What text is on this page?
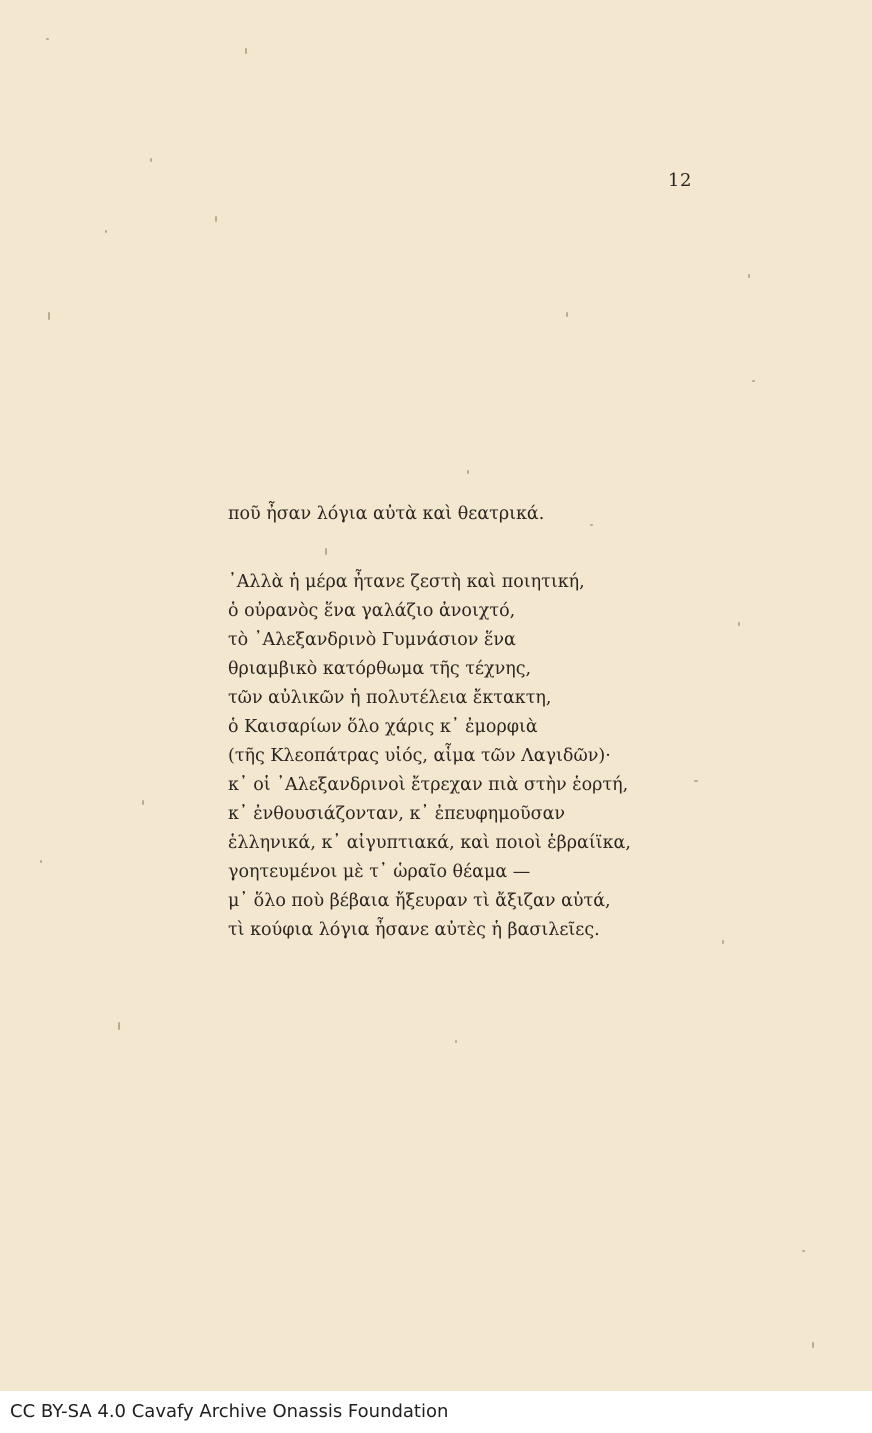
12
ποῦ ἦσαν λόγια αὐτὰ καὶ θεατρικά.
᾽Αλλὰ ἡ μέρα ἦτανε ζεστὴ καὶ ποιητική,
ὁ οὐρανὸς ἕνα γαλάζιο ἀνοιχτό,
τὸ ᾽Αλεξανδρινὸ Γυμνάσιον ἕνα
θριαμβικὸ κατόρθωμα τῆς τέχνης,
τῶν αὐλικῶν ἡ πολυτέλεια ἔκτακτη,
ὁ Καισαρίων ὅλο χάρις κ᾽ ἐμορφιὰ
(τῆς Κλεοπάτρας υἱός, αἷμα τῶν Λαγιδῶν)·
κ᾽ οἱ ᾽Αλεξανδρινοὶ ἔτρεχαν πιὰ στὴν ἑορτή,
κ᾽ ἐνθουσιάζονταν, κ᾽ ἐπευφημοῦσαν
ἑλληνικά, κ᾽ αἰγυπτιακά, καὶ ποιοὶ ἑβραίϊκα,
γοητευμένοι μὲ τ᾽ ὡραῖο θέαμα —
μ᾽ ὅλο ποὺ βέβαια ἤξευραν τὶ ἄξιζαν αὐτά,
τὶ κούφια λόγια ἦσανε αὐτὲς ἡ βασιλεῖες.
CC BY-SA 4.0 Cavafy Archive Onassis Foundation
